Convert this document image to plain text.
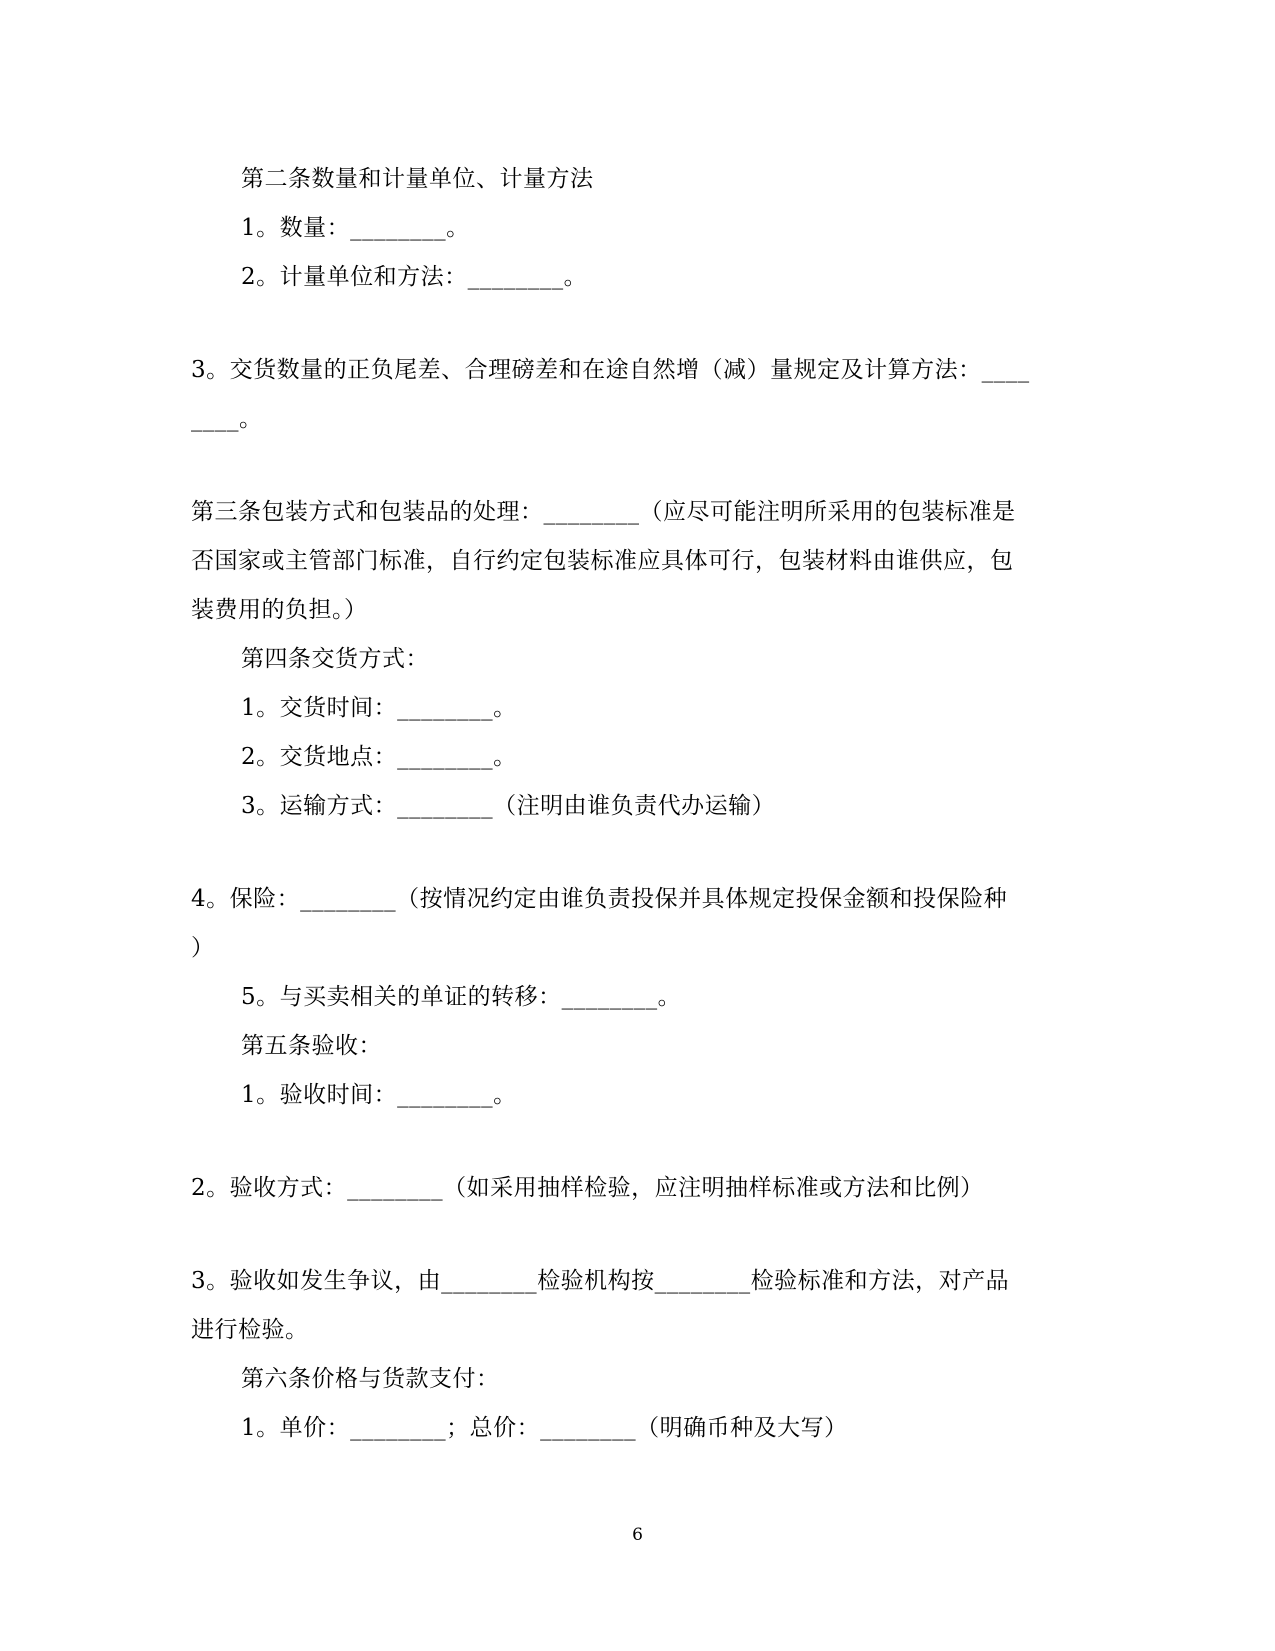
第二条数量和计量单位、计量方法
1。数量：________。
2。计量单位和方法：________。
3。交货数量的正负尾差、合理磅差和在途自然增（减）量规定及计算方法：____
____。
第三条包装方式和包装品的处理：________（应尽可能注明所采用的包装标准是
否国家或主管部门标准，自行约定包装标准应具体可行，包装材料由谁供应，包
装费用的负担。）
第四条交货方式：
1。交货时间：________。
2。交货地点：________。
3。运输方式：________（注明由谁负责代办运输）
4。保险：________（按情况约定由谁负责投保并具体规定投保金额和投保险种
）
5。与买卖相关的单证的转移：________。
第五条验收：
1。验收时间：________。
2。验收方式：________（如采用抽样检验，应注明抽样标准或方法和比例）
3。验收如发生争议，由________检验机构按________检验标准和方法，对产品
进行检验。
第六条价格与货款支付：
1。单价：________；总价：________（明确币种及大写）
6
